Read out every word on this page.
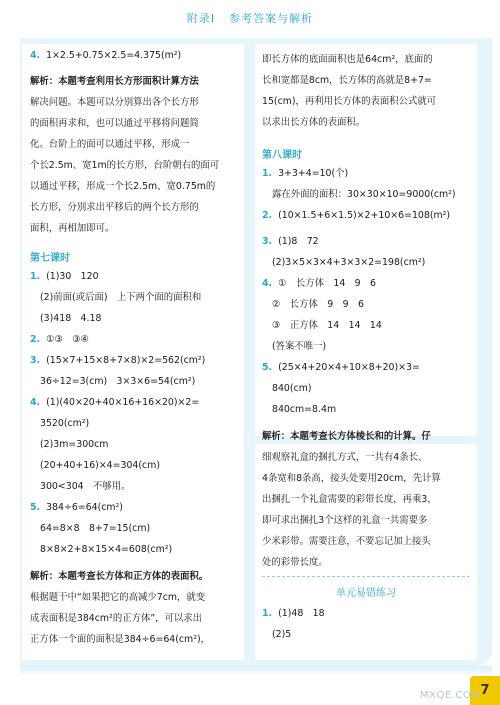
附录Ⅰ 参考答案与解析
4. 1×2.5+0.75×2.5=4.375(m²)
解析：本题考查利用长方形面积计算方法
解决问题。本题可以分别算出各个长方形
的面积再求和，也可以通过平移将问题简
化。台阶上的面可以通过平移，形成一
个长2.5m、宽1m的长方形，台阶朝右的面可
以通过平移，形成一个长2.5m、宽0.75m的
长方形，分别求出平移后的两个长方形的
面积，再相加即可。
第七课时
1. (1)30　120
(2)前面(或后面)　上下两个面的面积和
(3)418　4.18
2. ①③　③④
3. (15×7+15×8+7×8)×2=562(cm²)
36÷12=3(cm)　3×3×6=54(cm²)
4. (1)(40×20+40×16+16×20)×2=
3520(cm²)
(2)3m=300cm
(20+40+16)×4=304(cm)
300<304　不够用。
5. 384÷6=64(cm²)
64=8×8　8+7=15(cm)
8×8×2+8×15×4=608(cm²)
解析：本题考查长方体和正方体的表面积。
根据题干中“如果把它的高减少7cm，就变
成表面积是384cm²的正方体”，可以求出
正方体一个面的面积是384÷6=64(cm²)，
即长方体的底面面积也是64cm²，底面的
长和宽都是8cm，长方体的高就是8+7=
15(cm)，再利用长方体的表面积公式就可
以求出长方体的表面积。
第八课时
1. 3+3+4=10(个)
露在外面的面积：30×30×10=9000(cm²)
2. (10×1.5+6×1.5)×2+10×6=108(m²)
3. (1)8　72
(2)3×5×3×4+3×3×2=198(cm²)
4. ①　长方体　14　9　6
②　长方体　9　9　6
③　正方体　14　14　14
(答案不唯一)
5. (25×4+20×4+10×8+20)×3=
840(cm)
840cm=8.4m
解析：本题考查长方体棱长和的计算。仔
细观察礼盒的捆扎方式，一共有4条长、
4条宽和8条高，接头处要用20cm，先计算
出捆扎一个礼盒需要的彩带长度，再乘3，
即可求出捆扎3个这样的礼盒一共需要多
少米彩带。需要注意，不要忘记加上接头
处的彩带长度。
单元易错练习
1. (1)48　18
(2)5
7
MXQE.COM
